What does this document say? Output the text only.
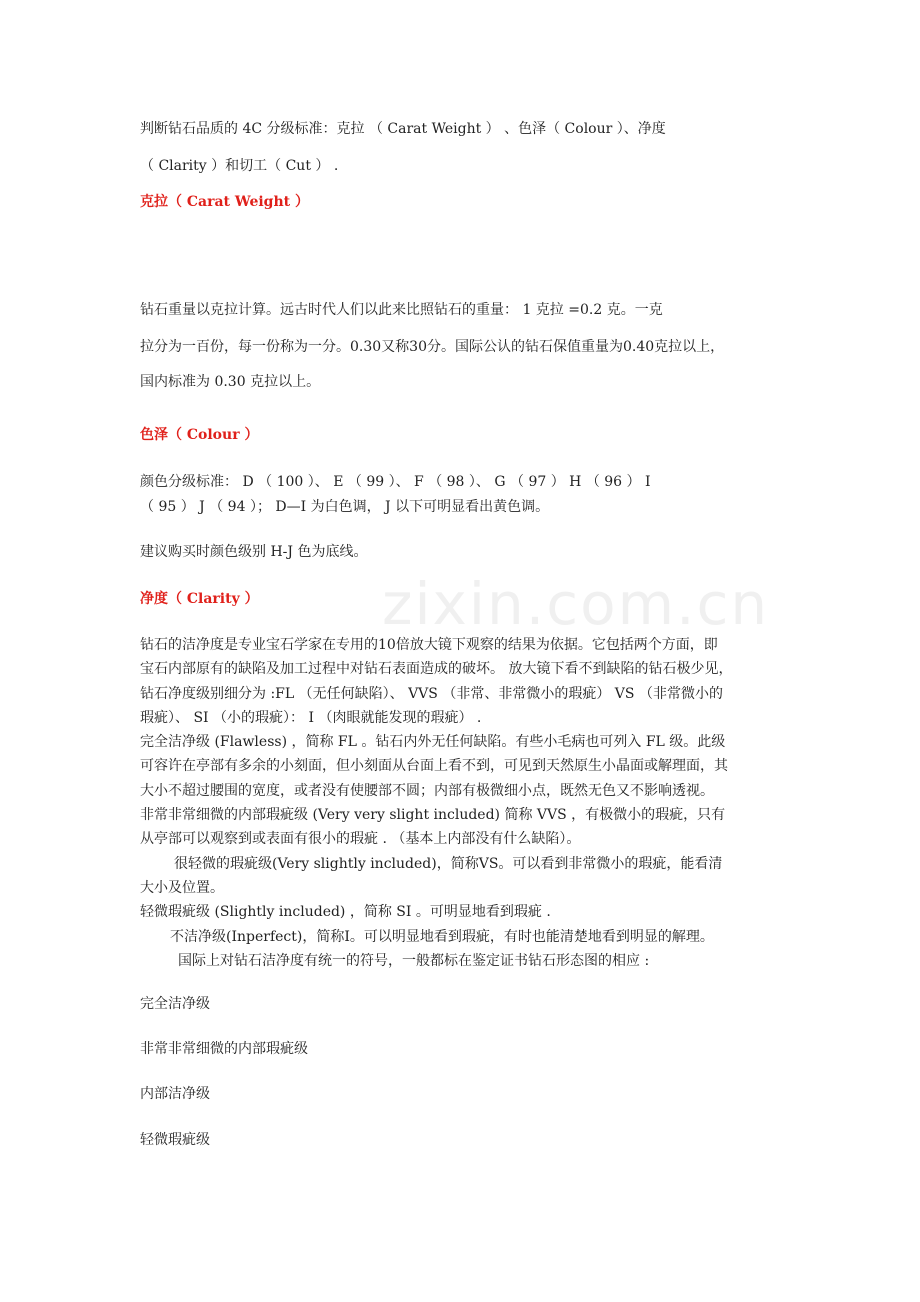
zixin.com.cn
判断钻石品质的 4C 分级标准：克拉 （ Carat Weight ） 、色泽（ Colour ）、净度
（ Clarity ）和切工（ Cut ） .
克拉（ Carat Weight ）
钻石重量以克拉计算。远古时代人们以此来比照钻石的重量： 1 克拉 =0.2 克。一克
拉分为一百份，每一份称为一分。0.30又称30分。国际公认的钻石保值重量为0.40克拉以上，
国内标准为 0.30 克拉以上。
色泽（ Colour ）
颜色分级标准： D （ 100 ）、 E （ 99 ）、 F （ 98 ）、 G （ 97 ） H （ 96 ） I
（ 95 ） J （ 94 ）； D—I 为白色调， J 以下可明显看出黄色调。
建议购买时颜色级别 H-J 色为底线。
净度（ Clarity ）
钻石的洁净度是专业宝石学家在专用的10倍放大镜下观察的结果为依据。它包括两个方面，即
宝石内部原有的缺陷及加工过程中对钻石表面造成的破坏。 放大镜下看不到缺陷的钻石极少见，
钻石净度级别细分为 :FL （无任何缺陷）、 VVS （非常、非常微小的瑕疵） VS （非常微小的
瑕疵）、 SI （小的瑕疵）： I （肉眼就能发现的瑕疵） .
完全洁净级 (Flawless) ，简称 FL 。钻石内外无任何缺陷。有些小毛病也可列入 FL 级。此级
可容许在亭部有多余的小刻面，但小刻面从台面上看不到，可见到天然原生小晶面或解理面，其
大小不超过腰围的宽度，或者没有使腰部不圆；内部有极微细小点，既然无色又不影响透视。
非常非常细微的内部瑕疵级 (Very very slight included) 简称 VVS ，有极微小的瑕疵，只有
从亭部可以观察到或表面有很小的瑕疵 . （基本上内部没有什么缺陷）。
很轻微的瑕疵级(Very slightly included)，简称VS。可以看到非常微小的瑕疵，能看清
大小及位置。
轻微瑕疵级 (Slightly included) ，简称 SI 。可明显地看到瑕疵 .
不洁净级(Inperfect)，简称I。可以明显地看到瑕疵，有时也能清楚地看到明显的解理。
国际上对钻石洁净度有统一的符号，一般都标在鉴定证书钻石形态图的相应 :
完全洁净级
非常非常细微的内部瑕疵级
内部洁净级
轻微瑕疵级
